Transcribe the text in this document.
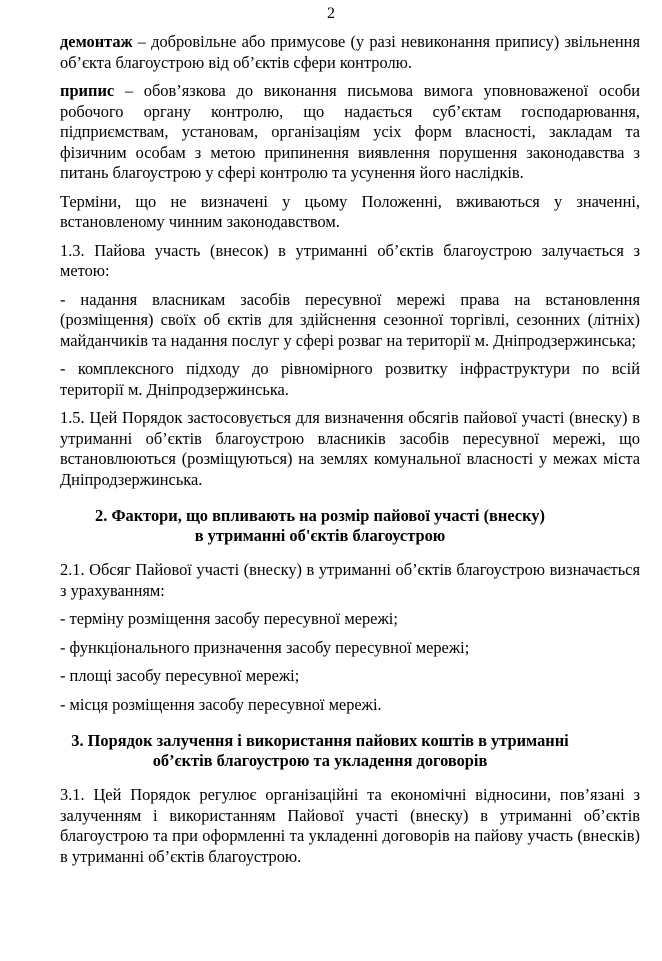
2

демонтаж – добровільне або примусове (у разі невиконання припису) звільнення об’єкта благоустрою від об’єктів сфери контролю.

припис – обов’язкова до виконання письмова вимога уповноваженої особи робочого органу контролю, що надається суб’єктам господарювання, підприємствам, установам, організаціям усіх форм власності, закладам та фізичним особам з метою припинення виявлення порушення законодавства з питань благоустрою у сфері контролю та усунення його наслідків.

Терміни, що не визначені у цьому Положенні, вживаються у значенні, встановленому чинним законодавством.

1.3. Пайова участь (внесок) в утриманні об’єктів благоустрою залучається з метою:

- надання власникам засобів пересувної мережі права на встановлення (розміщення) своїх об єктів для здійснення сезонної торгівлі, сезонних (літніх) майданчиків та надання послуг у сфері розваг на території м. Дніпродзержинська;

- комплексного підходу до рівномірного розвитку інфраструктури по всій території м. Дніпродзержинська.

1.5. Цей Порядок застосовується для визначення обсягів пайової участі (внеску) в утриманні об’єктів благоустрою власників засобів пересувної мережі, що встановлюються (розміщуються) на землях комунальної власності у межах міста Дніпродзержинська.

2. Фактори, що впливають на розмір пайової участі (внеску)
в утриманні об'єктів благоустрою

2.1. Обсяг Пайової участі (внеску) в утриманні об’єктів благоустрою визначається з урахуванням:

- терміну розміщення засобу пересувної мережі;

- функціонального призначення засобу пересувної мережі;

- площі засобу пересувної мережі;

- місця розміщення засобу пересувної мережі.

3. Порядок залучення і використання пайових коштів в утриманні
об’єктів благоустрою та укладення договорів

3.1. Цей Порядок регулює організаційні та економічні відносини, пов’язані з залученням і використанням Пайової участі (внеску) в утриманні об’єктів благоустрою та при оформленні та укладенні договорів на пайову участь (внесків) в утриманні об’єктів благоустрою.
